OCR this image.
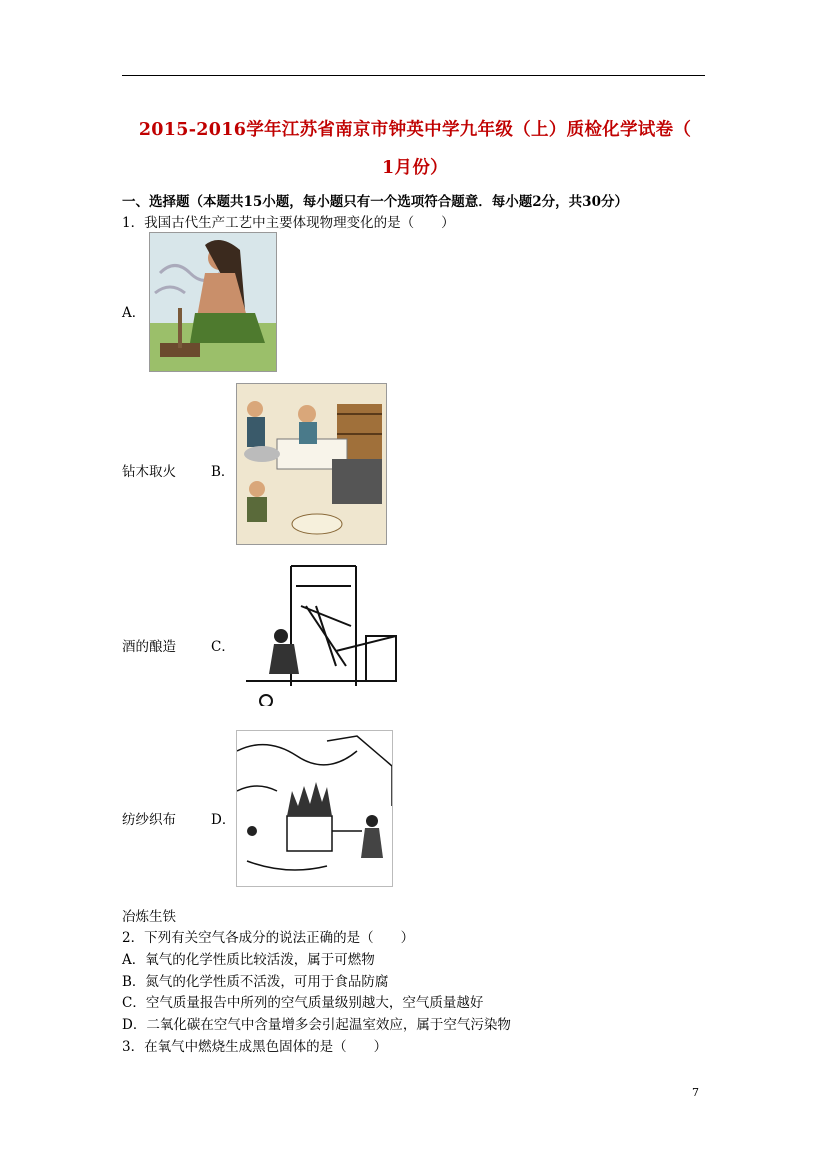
2015-2016学年江苏省南京市钟英中学九年级（上）质检化学试卷（
1月份）
一、选择题（本题共15小题，每小题只有一个选项符合题意．每小题2分，共30分）
1．我国古代生产工艺中主要体现物理变化的是（　　）
A．
钻木取火	B．
酒的酿造	C．
纺纱织布	D．
冶炼生铁
2．下列有关空气各成分的说法正确的是（　　）
A．氧气的化学性质比较活泼，属于可燃物
B．氮气的化学性质不活泼，可用于食品防腐
C．空气质量报告中所列的空气质量级别越大，空气质量越好
D．二氧化碳在空气中含量增多会引起温室效应，属于空气污染物
3．在氧气中燃烧生成黑色固体的是（　　）
7
